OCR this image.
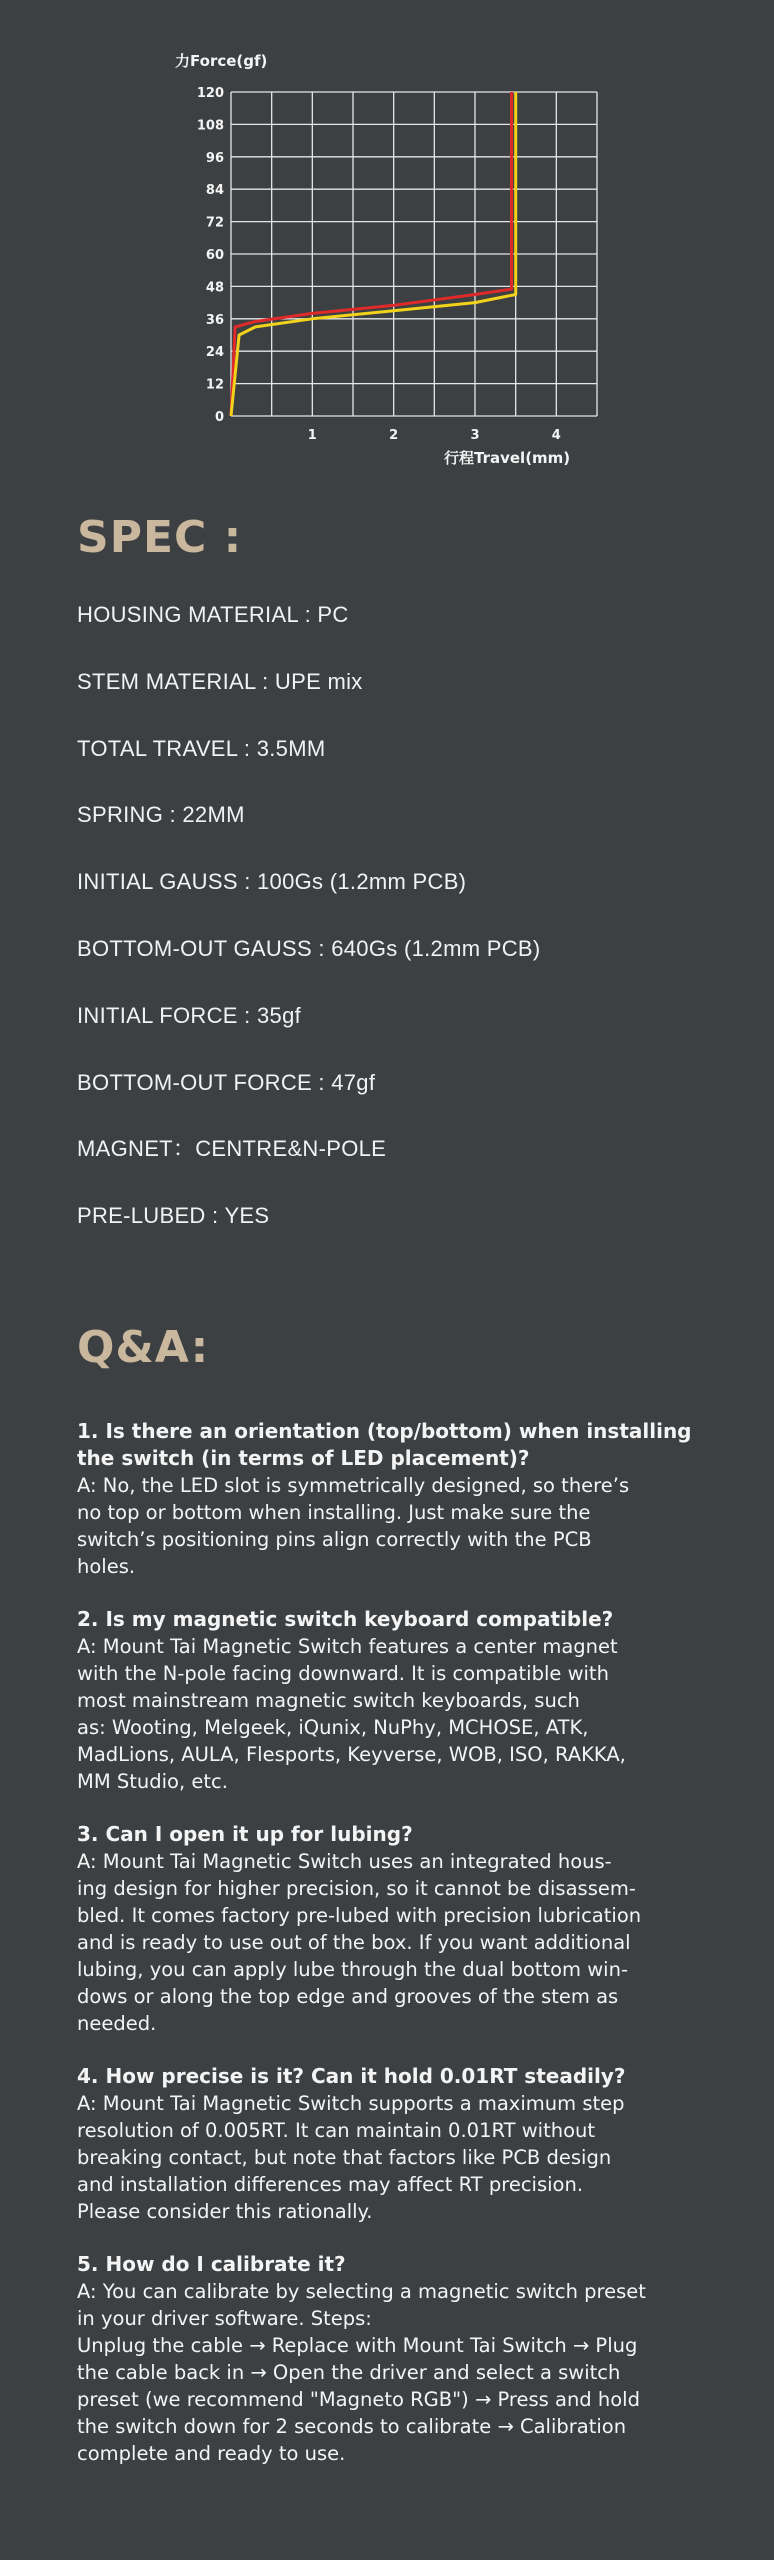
0
12
24
36
48
60
72
84
96
108
120
1	2	3	4
力Force(gf)
行程Travel(mm)
SPEC :
HOUSING MATERIAL : PC
STEM MATERIAL : UPE mix
TOTAL TRAVEL : 3.5MM
SPRING : 22MM
INITIAL GAUSS : 100Gs (1.2mm PCB)
BOTTOM-OUT GAUSS : 640Gs (1.2mm PCB)
INITIAL FORCE : 35gf
BOTTOM-OUT FORCE : 47gf
MAGNET：CENTRE&N-POLE
PRE-LUBED : YES
Q&A:

1. Is there an orientation (top/bottom) when installing
the switch (in terms of LED placement)?

A: No, the LED slot is symmetrically designed, so there’s
no top or bottom when installing. Just make sure the
switch’s positioning pins align correctly with the PCB
holes.

2. Is my magnetic switch keyboard compatible?

A: Mount Tai Magnetic Switch features a center magnet
with the N-pole facing downward. It is compatible with
most mainstream magnetic switch keyboards, such
as: Wooting, Melgeek, iQunix, NuPhy, MCHOSE, ATK,
MadLions, AULA, Flesports, Keyverse, WOB, ISO, RAKKA,
MM Studio, etc.

3. Can I open it up for lubing?

A: Mount Tai Magnetic Switch uses an integrated hous-
ing design for higher precision, so it cannot be disassem-
bled. It comes factory pre-lubed with precision lubrication
and is ready to use out of the box. If you want additional
lubing, you can apply lube through the dual bottom win-
dows or along the top edge and grooves of the stem as
needed.

4. How precise is it? Can it hold 0.01RT steadily?

A: Mount Tai Magnetic Switch supports a maximum step
resolution of 0.005RT. It can maintain 0.01RT without
breaking contact, but note that factors like PCB design
and installation differences may affect RT precision.
Please consider this rationally.

5. How do I calibrate it?

A: You can calibrate by selecting a magnetic switch preset
in your driver software. Steps:
Unplug the cable → Replace with Mount Tai Switch → Plug
the cable back in → Open the driver and select a switch
preset (we recommend "Magneto RGB") → Press and hold
the switch down for 2 seconds to calibrate → Calibration
complete and ready to use.
